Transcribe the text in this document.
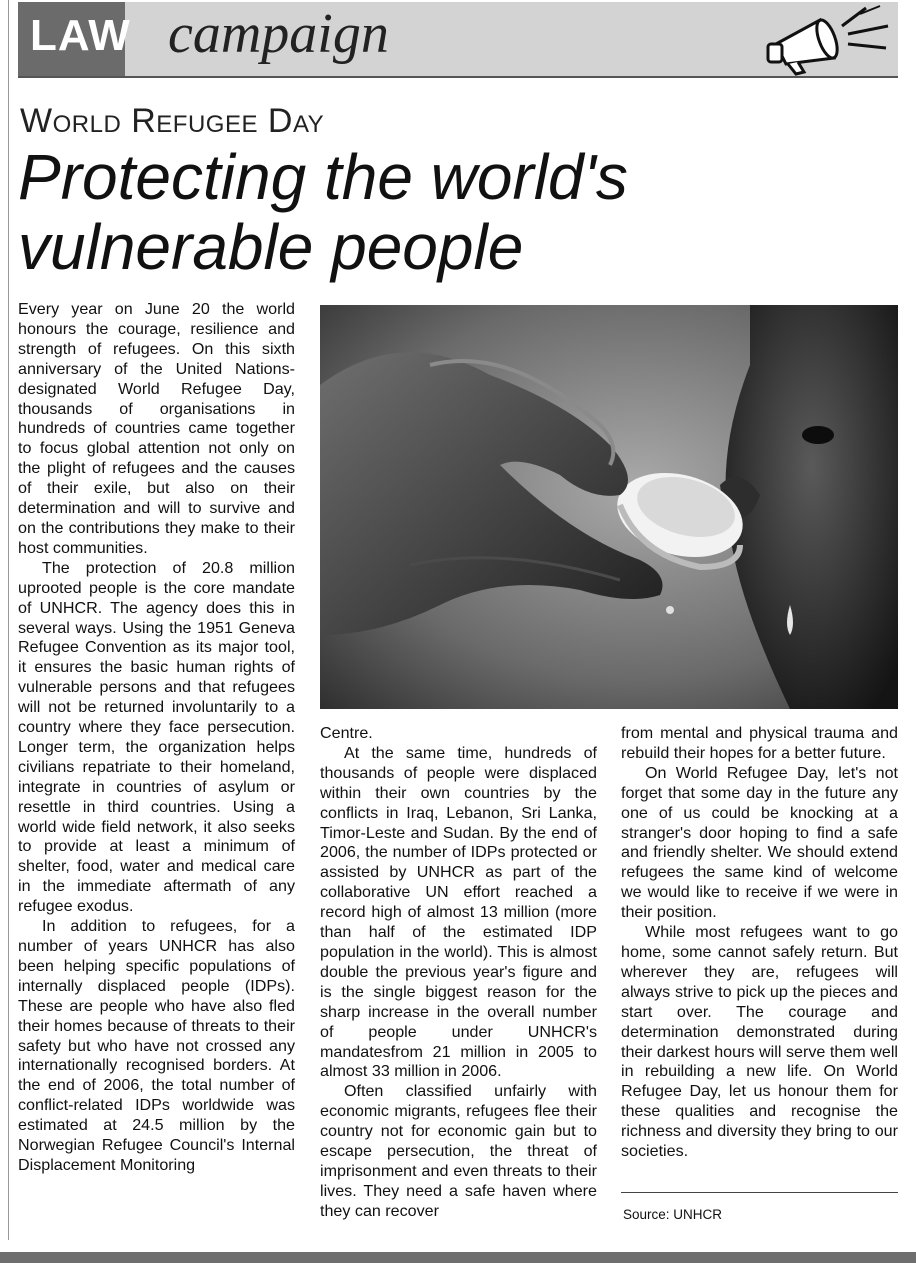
LAW campaign
World Refugee Day
Protecting the world's vulnerable people

Every year on June 20 the world honours the courage, resilience and strength of refugees. On this sixth anniversary of the United Nations-designated World Refugee Day, thousands of organisations in hundreds of countries came together to focus global attention not only on the plight of refugees and the causes of their exile, but also on their determination and will to survive and on the contributions they make to their host communities.

The protection of 20.8 million uprooted people is the core mandate of UNHCR. The agency does this in several ways. Using the 1951 Geneva Refugee Convention as its major tool, it ensures the basic human rights of vulnerable persons and that refugees will not be returned involuntarily to a country where they face persecution. Longer term, the organization helps civilians repatriate to their homeland, integrate in countries of asylum or resettle in third countries. Using a world wide field network, it also seeks to provide at least a minimum of shelter, food, water and medical care in the immediate aftermath of any refugee exodus.

In addition to refugees, for a number of years UNHCR has also been helping specific populations of internally displaced people (IDPs). These are people who have also fled their homes because of threats to their safety but who have not crossed any internationally recognised borders. At the end of 2006, the total number of conflict-related IDPs worldwide was estimated at 24.5 million by the Norwegian Refugee Council's Internal Displacement Monitoring

Centre.

At the same time, hundreds of thousands of people were displaced within their own countries by the conflicts in Iraq, Lebanon, Sri Lanka, Timor-Leste and Sudan. By the end of 2006, the number of IDPs protected or assisted by UNHCR as part of the collaborative UN effort reached a record high of almost 13 million (more than half of the estimated IDP population in the world). This is almost double the previous year's figure and is the single biggest reason for the sharp increase in the overall number of people under UNHCR's mandatesfrom 21 million in 2005 to almost 33 million in 2006.

Often classified unfairly with economic migrants, refugees flee their country not for economic gain but to escape persecution, the threat of imprisonment and even threats to their lives. They need a safe haven where they can recover

from mental and physical trauma and rebuild their hopes for a better future.

On World Refugee Day, let's not forget that some day in the future any one of us could be knocking at a stranger's door hoping to find a safe and friendly shelter. We should extend refugees the same kind of welcome we would like to receive if we were in their position.

While most refugees want to go home, some cannot safely return. But wherever they are, refugees will always strive to pick up the pieces and start over. The courage and determination demonstrated during their darkest hours will serve them well in rebuilding a new life. On World Refugee Day, let us honour them for these qualities and recognise the richness and diversity they bring to our societies.

Source: UNHCR
